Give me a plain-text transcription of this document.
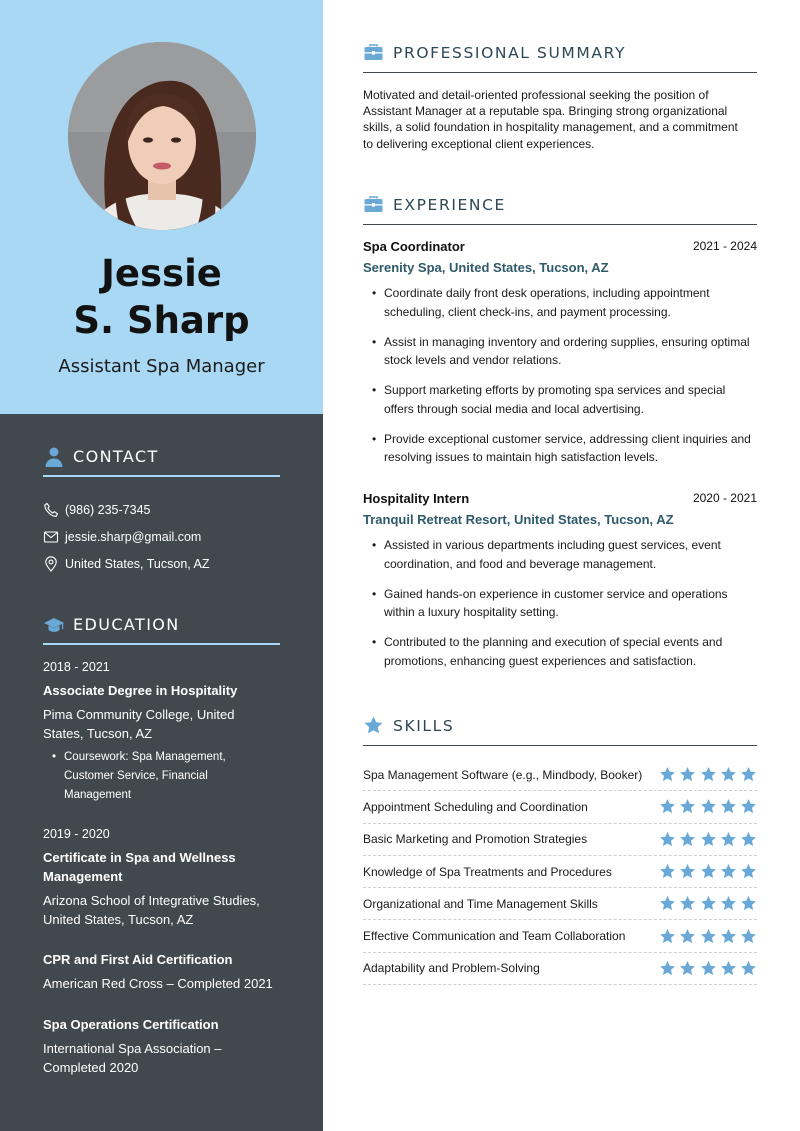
Jessie
S. Sharp
Assistant Spa Manager
CONTACT
(986) 235-7345
jessie.sharp@gmail.com
United States, Tucson, AZ
EDUCATION
2018 - 2021
Associate Degree in Hospitality
Pima Community College, United
States, Tucson, AZ
• Coursework: Spa Management,
Customer Service, Financial
Management
2019 - 2020
Certificate in Spa and Wellness
Management
Arizona School of Integrative Studies,
United States, Tucson, AZ
CPR and First Aid Certification
American Red Cross – Completed 2021
Spa Operations Certification
International Spa Association –
Completed 2020
PROFESSIONAL SUMMARY
Motivated and detail-oriented professional seeking the position of
Assistant Manager at a reputable spa. Bringing strong organizational
skills, a solid foundation in hospitality management, and a commitment
to delivering exceptional client experiences.
EXPERIENCE
Spa Coordinator	2021 - 2024
Serenity Spa, United States, Tucson, AZ
• Coordinate daily front desk operations, including appointment
scheduling, client check-ins, and payment processing.
• Assist in managing inventory and ordering supplies, ensuring optimal
stock levels and vendor relations.
• Support marketing efforts by promoting spa services and special
offers through social media and local advertising.
• Provide exceptional customer service, addressing client inquiries and
resolving issues to maintain high satisfaction levels.
Hospitality Intern	2020 - 2021
Tranquil Retreat Resort, United States, Tucson, AZ
• Assisted in various departments including guest services, event
coordination, and food and beverage management.
• Gained hands-on experience in customer service and operations
within a luxury hospitality setting.
• Contributed to the planning and execution of special events and
promotions, enhancing guest experiences and satisfaction.
SKILLS
Spa Management Software (e.g., Mindbody, Booker)
Appointment Scheduling and Coordination
Basic Marketing and Promotion Strategies
Knowledge of Spa Treatments and Procedures
Organizational and Time Management Skills
Effective Communication and Team Collaboration
Adaptability and Problem-Solving
